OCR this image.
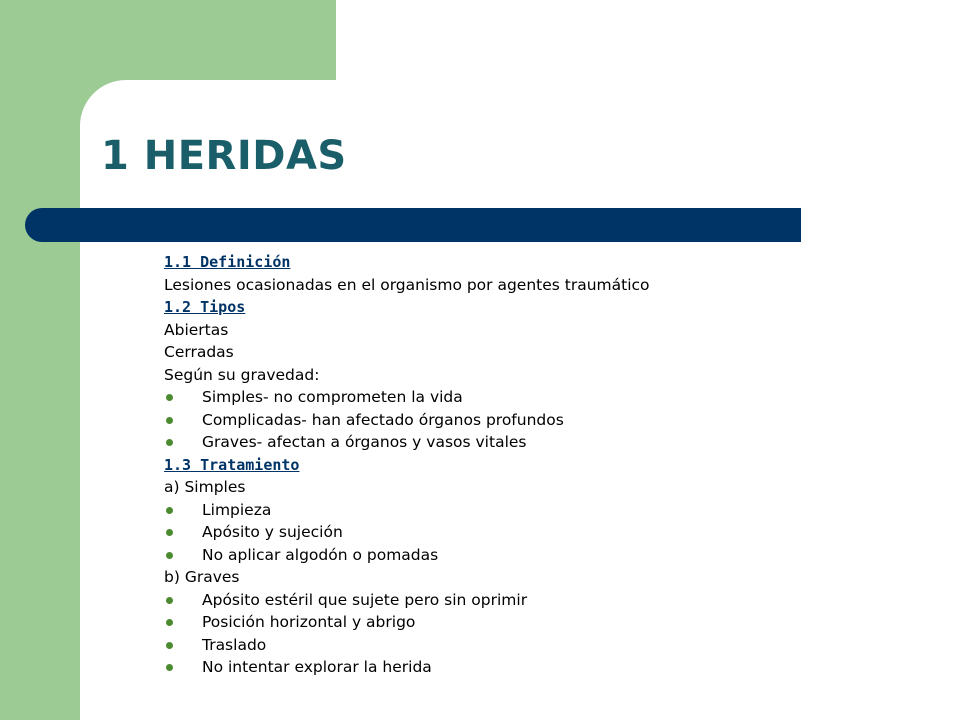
1 HERIDAS
1.1 Definición
Lesiones ocasionadas en el organismo por agentes traumático
1.2 Tipos
Abiertas
Cerradas
Según su gravedad:
Simples- no comprometen la vida
Complicadas- han afectado órganos profundos
Graves- afectan a órganos y vasos vitales
1.3 Tratamiento
a) Simples
Limpieza
Apósito y sujeción
No aplicar algodón o pomadas
b) Graves
Apósito estéril que sujete pero sin oprimir
Posición horizontal y abrigo
Traslado
No intentar explorar la herida
